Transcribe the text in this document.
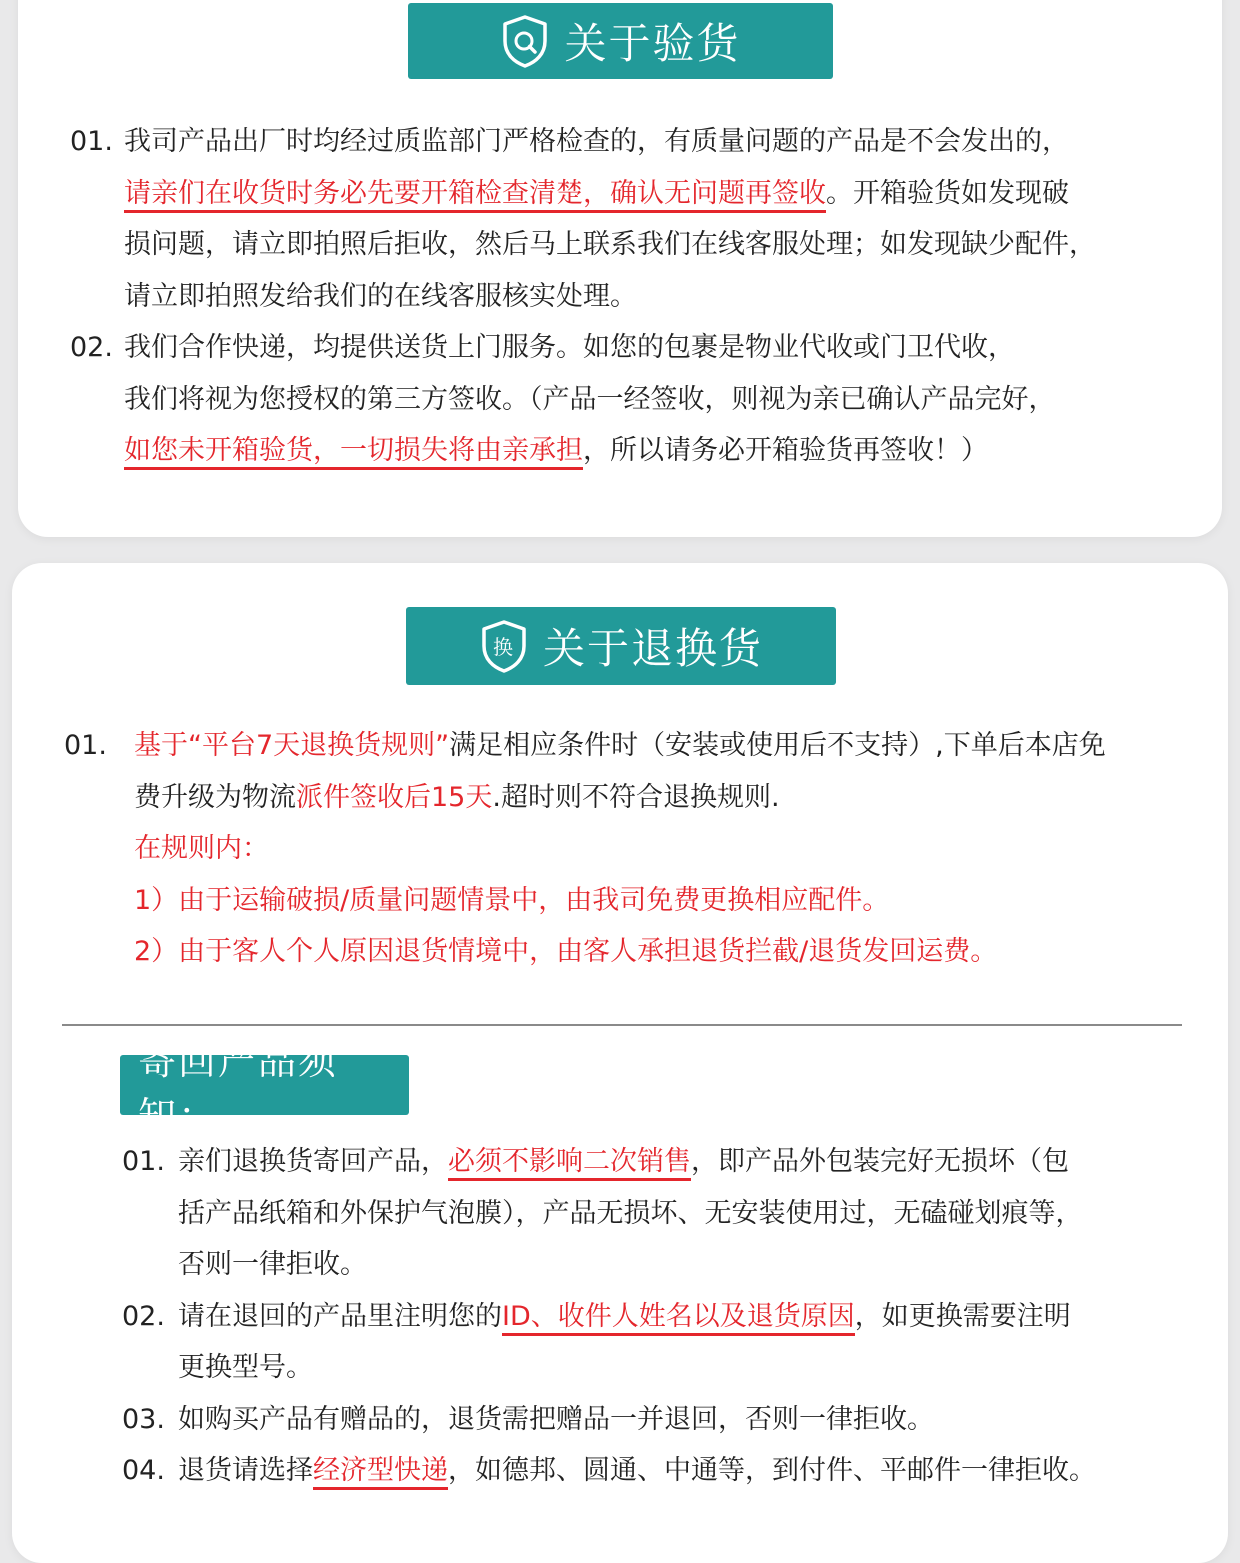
关于验货
01. 我司产品出厂时均经过质监部门严格检查的，有质量问题的产品是不会发出的，
请亲们在收货时务必先要开箱检查清楚，确认无问题再签收。开箱验货如发现破
损问题，请立即拍照后拒收，然后马上联系我们在线客服处理；如发现缺少配件，
请立即拍照发给我们的在线客服核实处理。
02. 我们合作快递，均提供送货上门服务。如您的包裹是物业代收或门卫代收，
我们将视为您授权的第三方签收。（产品一经签收，则视为亲已确认产品完好，
如您未开箱验货，一切损失将由亲承担，所以请务必开箱验货再签收！）
换 关于退换货
01.	基于“平台7天退换货规则”满足相应条件时（安装或使用后不支持）,下单后本店免
费升级为物流派件签收后15天.超时则不符合退换规则.
在规则内：
1）由于运输破损/质量问题情景中，由我司免费更换相应配件。
2）由于客人个人原因退货情境中，由客人承担退货拦截/退货发回运费。
寄回产品须知：
01. 亲们退换货寄回产品，必须不影响二次销售，即产品外包装完好无损坏（包
括产品纸箱和外保护气泡膜），产品无损坏、无安装使用过，无磕碰划痕等，
否则一律拒收。
02. 请在退回的产品里注明您的ID、收件人姓名以及退货原因，如更换需要注明
更换型号。
03. 如购买产品有赠品的，退货需把赠品一并退回，否则一律拒收。
04. 退货请选择经济型快递，如德邦、圆通、中通等，到付件、平邮件一律拒收。
